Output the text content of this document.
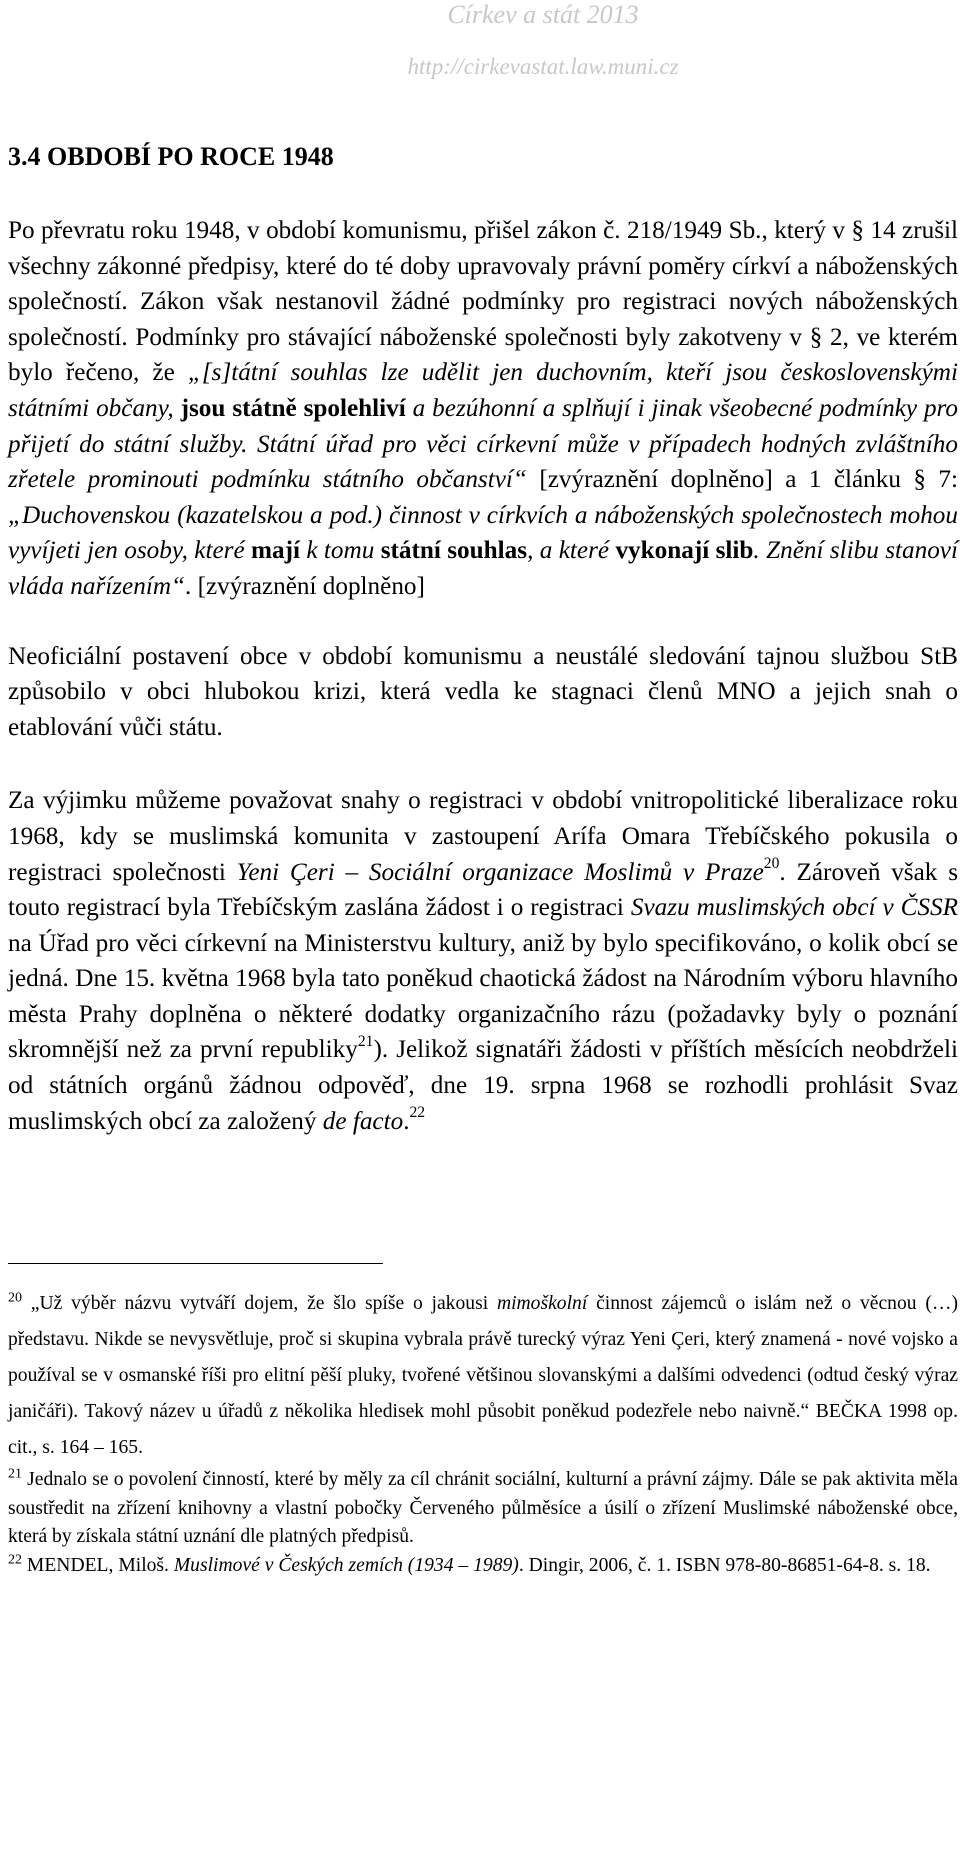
Církev a stát 2013
http://cirkevastat.law.muni.cz
3.4 OBDOBÍ PO ROCE 1948

Po převratu roku 1948, v období komunismu, přišel zákon č. 218/1949 Sb., který v § 14 zrušil všechny zákonné předpisy, které do té doby upravovaly právní poměry církví a náboženských společností. Zákon však nestanovil žádné podmínky pro registraci nových náboženských společností. Podmínky pro stávající náboženské společnosti byly zakotveny v § 2, ve kterém bylo řečeno, že „[s]tátní souhlas lze udělit jen duchovním, kteří jsou československými státními občany, jsou státně spolehliví a bezúhonní a splňují i jinak všeobecné podmínky pro přijetí do státní služby. Státní úřad pro věci církevní může v případech hodných zvláštního zřetele prominouti podmínku státního občanství“ [zvýraznění doplněno] a 1 článku § 7: „Duchovenskou (kazatelskou a pod.) činnost v církvích a náboženských společnostech mohou vyvíjeti jen osoby, které mají k tomu státní souhlas, a které vykonají slib. Znění slibu stanoví vláda nařízením“. [zvýraznění doplněno]

Neoficiální postavení obce v období komunismu a neustálé sledování tajnou službou StB způsobilo v obci hlubokou krizi, která vedla ke stagnaci členů MNO a jejich snah o etablování vůči státu.

Za výjimku můžeme považovat snahy o registraci v období vnitropolitické liberalizace roku 1968, kdy se muslimská komunita v zastoupení Arífa Omara Třebíčského pokusila o registraci společnosti Yeni Çeri – Sociální organizace Moslimů v Praze$^{20}$. Zároveň však s touto registrací byla Třebíčským zaslána žádost i o registraci Svazu muslimských obcí v ČSSR na Úřad pro věci církevní na Ministerstvu kultury, aniž by bylo specifikováno, o kolik obcí se jedná. Dne 15. května 1968 byla tato poněkud chaotická žádost na Národním výboru hlavního města Prahy doplněna o některé dodatky organizačního rázu (požadavky byly o poznání skromnější než za první republiky$^{21}$). Jelikož signatáři žádosti v příštích měsících neobdrželi od státních orgánů žádnou odpověď, dne 19. srpna 1968 se rozhodli prohlásit Svaz muslimských obcí za založený de facto.$^{22}$

$^{20}$ „Už výběr názvu vytváří dojem, že šlo spíše o jakousi mimoškolní činnost zájemců o islám než o věcnou (…) představu. Nikde se nevysvětluje, proč si skupina vybrala právě turecký výraz Yeni Çeri, který znamená - nové vojsko a používal se v osmanské říši pro elitní pěší pluky, tvořené většinou slovanskými a dalšími odvedenci (odtud český výraz janičáři). Takový název u úřadů z několika hledisek mohl působit poněkud podezřele nebo naivně.“ BEČKA 1998 op. cit., s. 164 – 165.

$^{21}$ Jednalo se o povolení činností, které by měly za cíl chránit sociální, kulturní a právní zájmy. Dále se pak aktivita měla soustředit na zřízení knihovny a vlastní pobočky Červeného půlměsíce a úsilí o zřízení Muslimské náboženské obce, která by získala státní uznání dle platných předpisů.

$^{22}$ MENDEL, Miloš. Muslimové v Českých zemích (1934 – 1989). Dingir, 2006, č. 1. ISBN 978-80-86851-64-8. s. 18.
